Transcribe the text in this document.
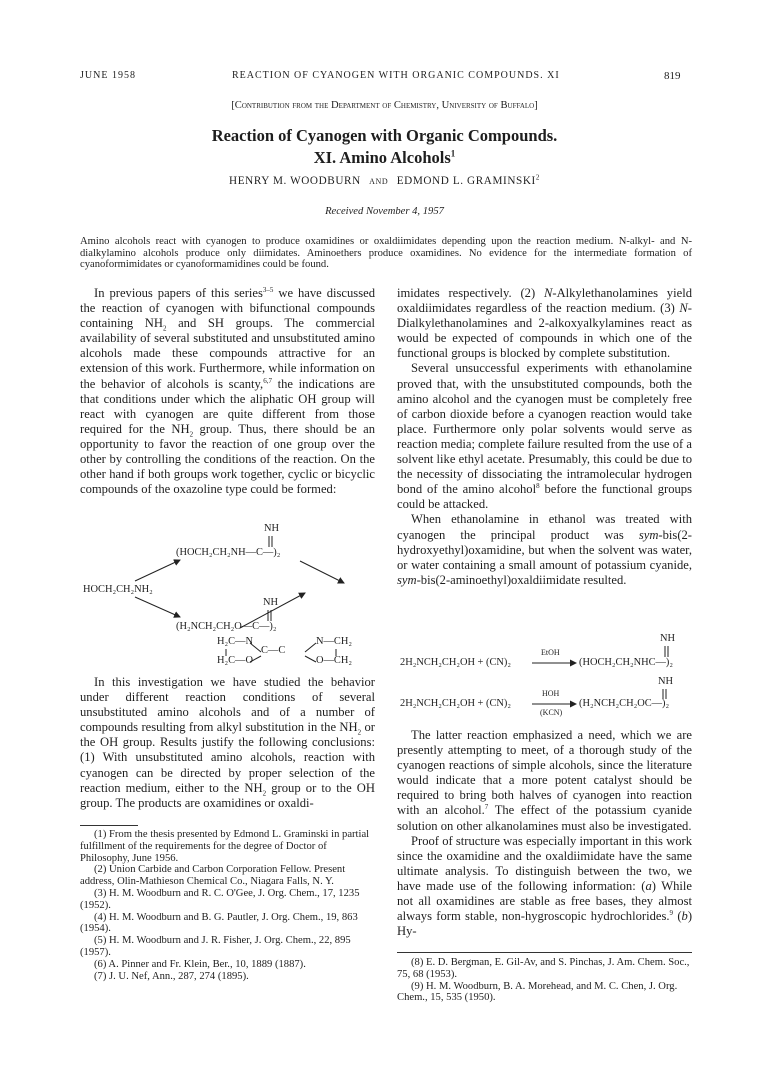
JUNE 1958	REACTION OF CYANOGEN WITH ORGANIC COMPOUNDS. XI	819
[Contribution from the Department of Chemistry, University of Buffalo]
Reaction of Cyanogen with Organic Compounds.
XI. Amino Alcohols$^1$
HENRY M. WOODBURN and EDMOND L. GRAMINSKI$^2$
Received November 4, 1957
Amino alcohols react with cyanogen to produce oxamidines or oxaldiimidates depending upon the reaction medium. N-alkyl- and N-dialkylamino alcohols produce only diimidates. Aminoethers produce oxamidines. No evidence for the intermediate formation of cyanoformimidates or cyanoformamidines could be found.

In previous papers of this series$^{3-5}$ we have discussed the reaction of cyanogen with bifunctional compounds containing $NH_2$ and SH groups. The commercial availability of several substituted and unsubstituted amino alcohols made these compounds attractive for an extension of this work. Furthermore, while information on the behavior of alcohols is scanty,$^{6,7}$ the indications are that conditions under which the aliphatic OH group will react with cyanogen are quite different from those required for the $NH_2$ group. Thus, there should be an opportunity to favor the reaction of one group over the other by controlling the conditions of the reaction. On the other hand if both groups work together, cyclic or bicyclic compounds of the oxazoline type could be formed:

NH
(HOCH₂CH₂NH—C—)₂
HOCH₂CH₂NH₂
NH
(H₂NCH₂CH₂O—C—)₂
H₂C—N
H₂C—O
C—C
N—CH₂
O—CH₂

In this investigation we have studied the behavior under different reaction conditions of several unsubstituted amino alcohols and of a number of compounds resulting from alkyl substitution in the $NH_2$ or the OH group. Results justify the following conclusions: (1) With unsubstituted amino alcohols, reaction with cyanogen can be directed by proper selection of the reaction medium, either to the $NH_2$ group or to the OH group. The products are oxamidines or oxaldi-

(1) From the thesis presented by Edmond L. Graminski in partial fulfillment of the requirements for the degree of Doctor of Philosophy, June 1956.

(2) Union Carbide and Carbon Corporation Fellow. Present address, Olin-Mathieson Chemical Co., Niagara Falls, N. Y.

(3) H. M. Woodburn and R. C. O'Gee, J. Org. Chem., 17, 1235 (1952).

(4) H. M. Woodburn and B. G. Pautler, J. Org. Chem., 19, 863 (1954).

(5) H. M. Woodburn and J. R. Fisher, J. Org. Chem., 22, 895 (1957).

(6) A. Pinner and Fr. Klein, Ber., 10, 1889 (1887).

(7) J. U. Nef, Ann., 287, 274 (1895).

imidates respectively. (2) N-Alkylethanolamines yield oxaldiimidates regardless of the reaction medium. (3) N-Dialkylethanolamines and 2-alkoxyalkylamines react as would be expected of compounds in which one of the functional groups is blocked by complete substitution.

Several unsuccessful experiments with ethanolamine proved that, with the unsubstituted compounds, both the amino alcohol and the cyanogen must be completely free of carbon dioxide before a cyanogen reaction would take place. Furthermore only polar solvents would serve as reaction media; complete failure resulted from the use of a solvent like ethyl acetate. Presumably, this could be due to the necessity of dissociating the intramolecular hydrogen bond of the amino alcohol$^8$ before the functional groups could be attacked.

When ethanolamine in ethanol was treated with cyanogen the principal product was sym-bis(2-hydroxyethyl)oxamidine, but when the solvent was water, or water containing a small amount of potassium cyanide, sym-bis(2-aminoethyl)oxaldiimidate resulted.

NH
2H₂NCH₂CH₂OH + (CN)₂
EtOH
(HOCH₂CH₂NHC—)₂
NH
2H₂NCH₂CH₂OH + (CN)₂
HOH
(KCN)
(H₂NCH₂CH₂OC—)₂

The latter reaction emphasized a need, which we are presently attempting to meet, of a thorough study of the cyanogen reactions of simple alcohols, since the literature would indicate that a more potent catalyst should be required to bring both halves of cyanogen into reaction with an alcohol.$^7$ The effect of the potassium cyanide solution on other alkanolamines must also be investigated.

Proof of structure was especially important in this work since the oxamidine and the oxaldiimidate have the same ultimate analysis. To distinguish between the two, we have made use of the following information: (a) While not all oxamidines are stable as free bases, they almost always form stable, non-hygroscopic hydrochlorides.$^9$ (b) Hy-

(8) E. D. Bergman, E. Gil-Av, and S. Pinchas, J. Am. Chem. Soc., 75, 68 (1953).

(9) H. M. Woodburn, B. A. Morehead, and M. C. Chen, J. Org. Chem., 15, 535 (1950).
